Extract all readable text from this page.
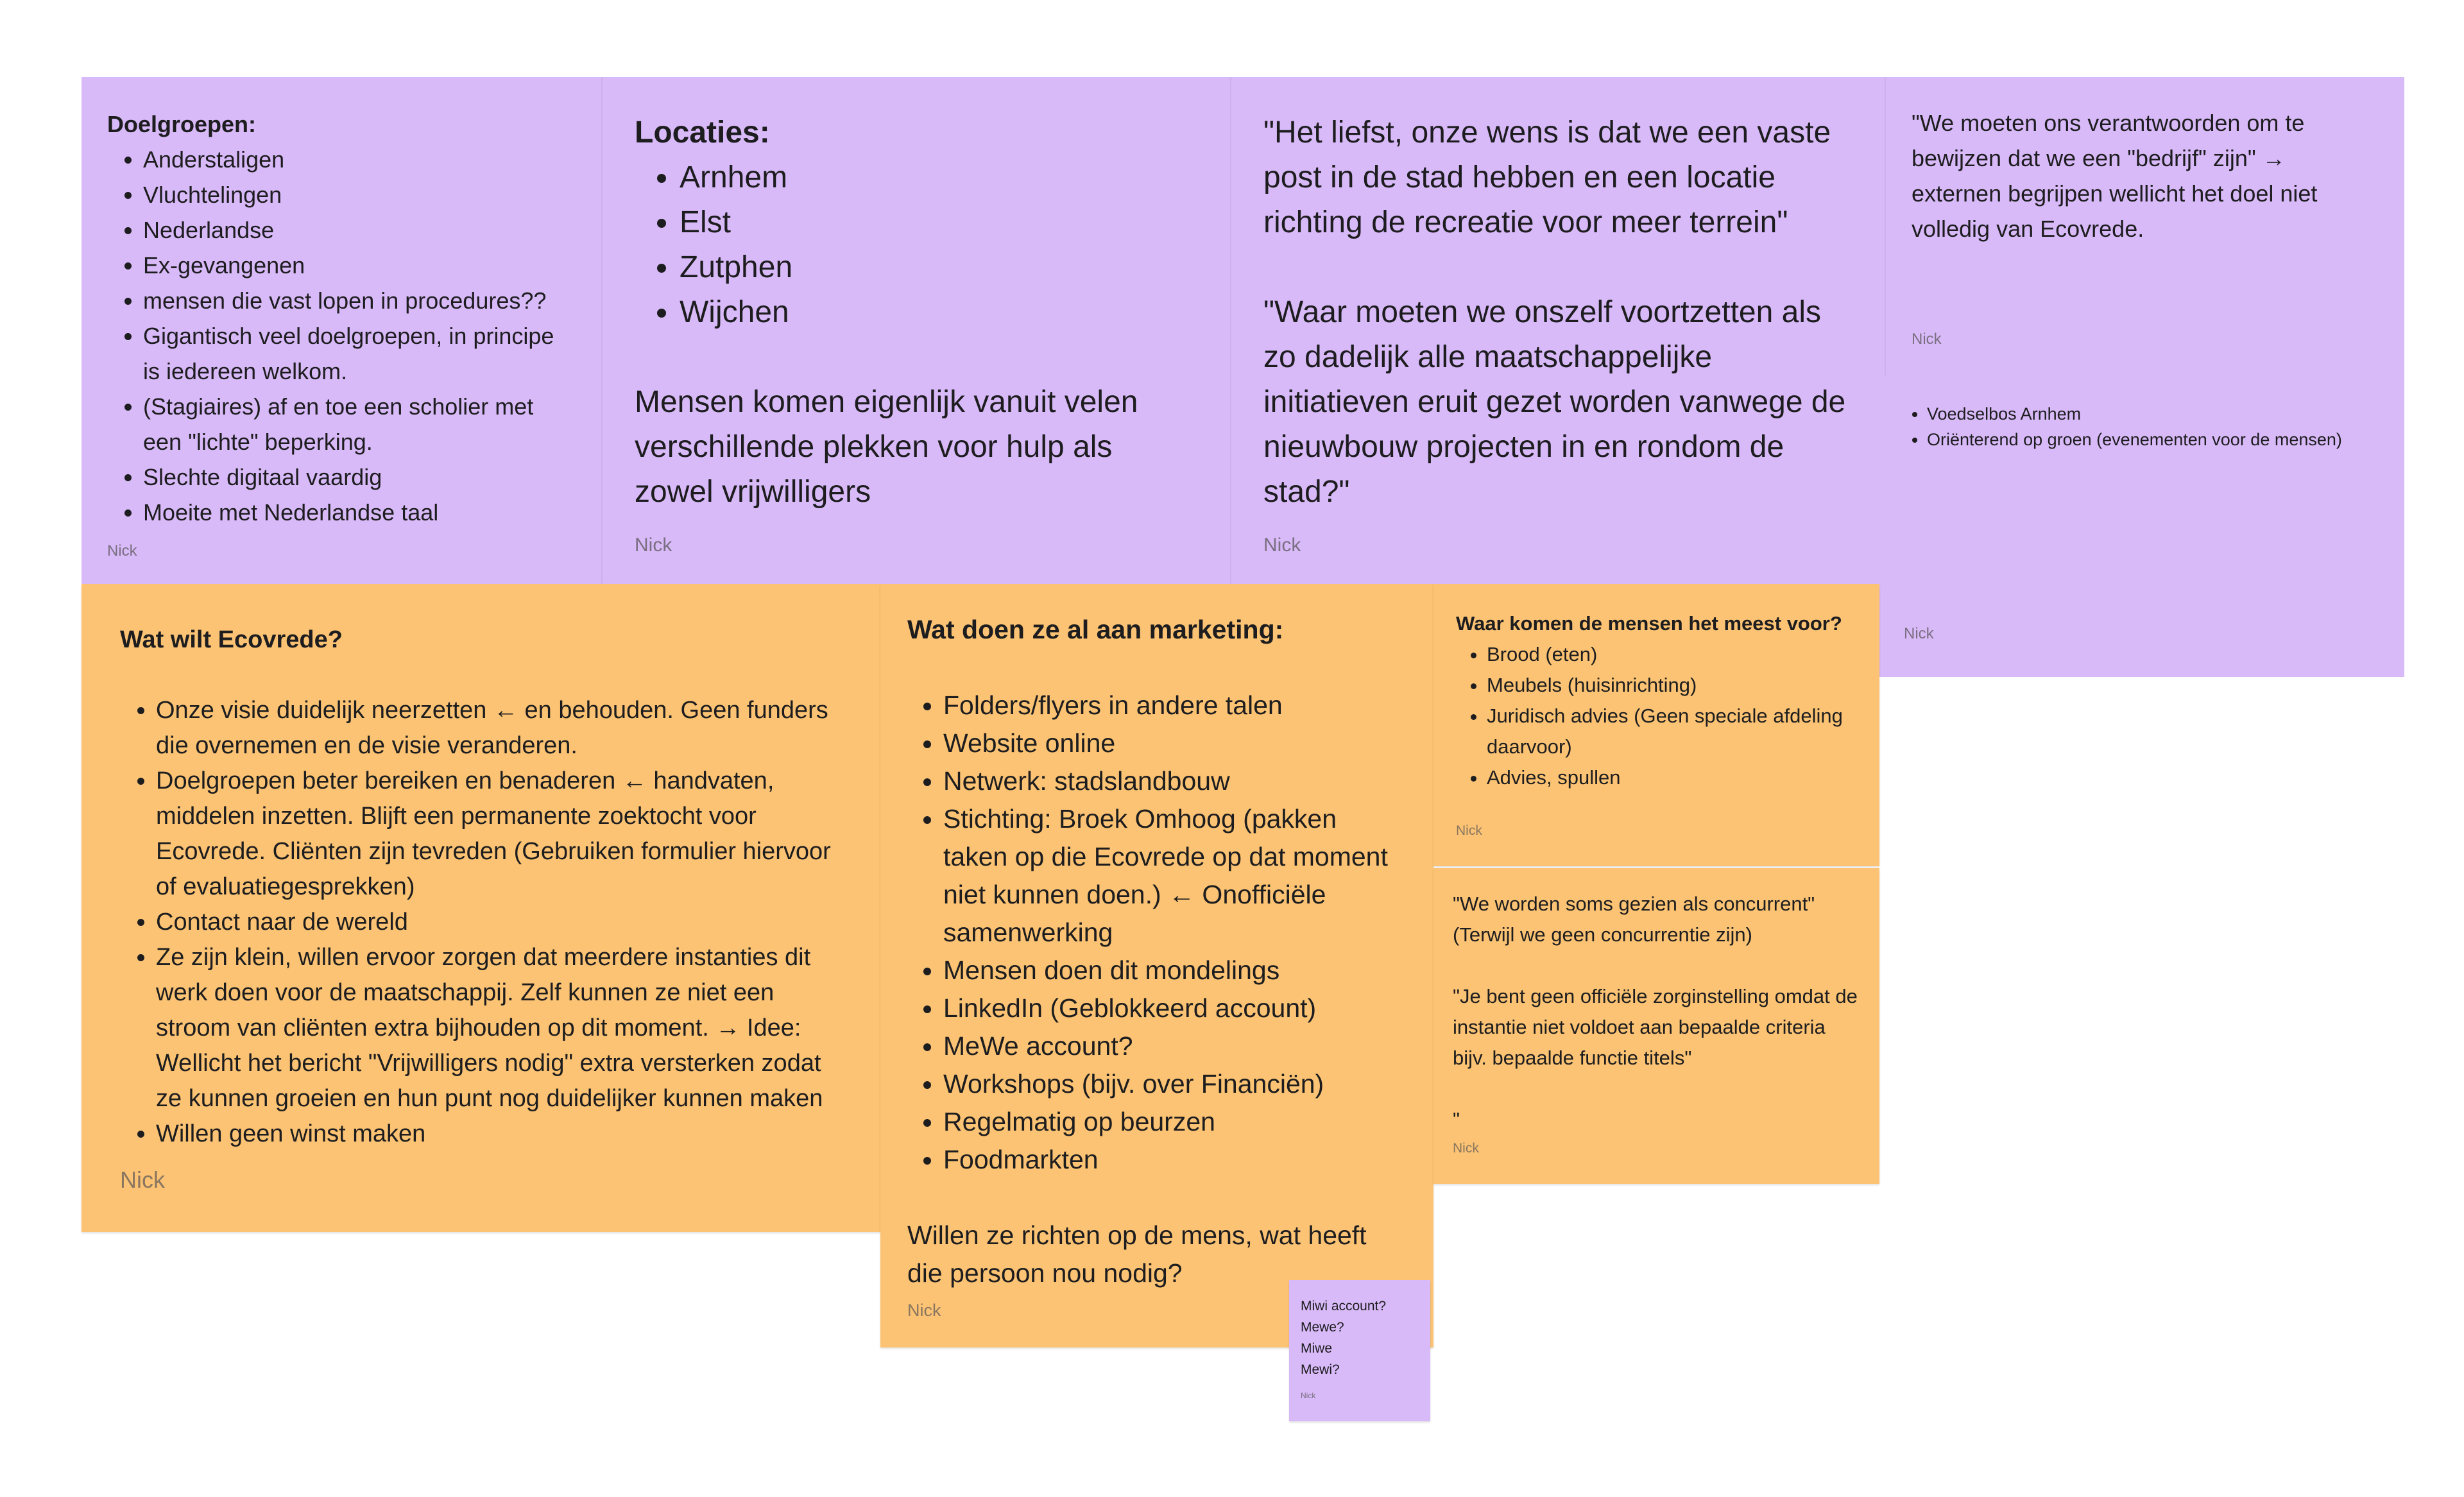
Doelgroepen:

• Anderstaligen
• Vluchtelingen
• Nederlandse
• Ex-gevangenen
• mensen die vast lopen in procedures??
• Gigantisch veel doelgroepen, in principe is iedereen welkom.
• (Stagiaires) af en toe een scholier met een "lichte" beperking.
• Slechte digitaal vaardig
• Moeite met Nederlandse taal

Nick

Locaties:

• Arnhem
• Elst
• Zutphen
• Wijchen

Mensen komen eigenlijk vanuit velen verschillende plekken voor hulp als zowel vrijwilligers

Nick

"Het liefst, onze wens is dat we een vaste post in de stad hebben en een locatie richting de recreatie voor meer terrein"

"Waar moeten we onszelf voortzetten als zo dadelijk alle maatschappelijke initiatieven eruit gezet worden vanwege de nieuwbouw projecten in en rondom de stad?"

Nick

"We moeten ons verantwoorden om te bewijzen dat we een "bedrijf" zijn" → externen begrijpen wellicht het doel niet volledig van Ecovrede.

Nick

• Voedselbos Arnhem
• Oriënterend op groen (evenementen voor de mensen)

Nick

Wat wilt Ecovrede?

• Onze visie duidelijk neerzetten ← en behouden. Geen funders die overnemen en de visie veranderen.
• Doelgroepen beter bereiken en benaderen ← handvaten, middelen inzetten. Blijft een permanente zoektocht voor Ecovrede. Cliënten zijn tevreden (Gebruiken formulier hiervoor of evaluatiegesprekken)
• Contact naar de wereld
• Ze zijn klein, willen ervoor zorgen dat meerdere instanties dit werk doen voor de maatschappij. Zelf kunnen ze niet een stroom van cliënten extra bijhouden op dit moment. → Idee: Wellicht het bericht "Vrijwilligers nodig" extra versterken zodat ze kunnen groeien en hun punt nog duidelijker kunnen maken
• Willen geen winst maken

Nick

Wat doen ze al aan marketing:

• Folders/flyers in andere talen
• Website online
• Netwerk: stadslandbouw
• Stichting: Broek Omhoog (pakken taken op die Ecovrede op dat moment niet kunnen doen.) ← Onofficiële samenwerking
• Mensen doen dit mondelings
• LinkedIn (Geblokkeerd account)
• MeWe account?
• Workshops (bijv. over Financiën)
• Regelmatig op beurzen
• Foodmarkten

Willen ze richten op de mens, wat heeft die persoon nou nodig?

Nick

Waar komen de mensen het meest voor?

• Brood (eten)
• Meubels (huisinrichting)
• Juridisch advies (Geen speciale afdeling daarvoor)
• Advies, spullen

Nick

"We worden soms gezien als concurrent" (Terwijl we geen concurrentie zijn)

"Je bent geen officiële zorginstelling omdat de instantie niet voldoet aan bepaalde criteria bijv. bepaalde functie titels"

"

Nick

Miwi account?

Mewe?

Miwe

Mewi?

Nick
